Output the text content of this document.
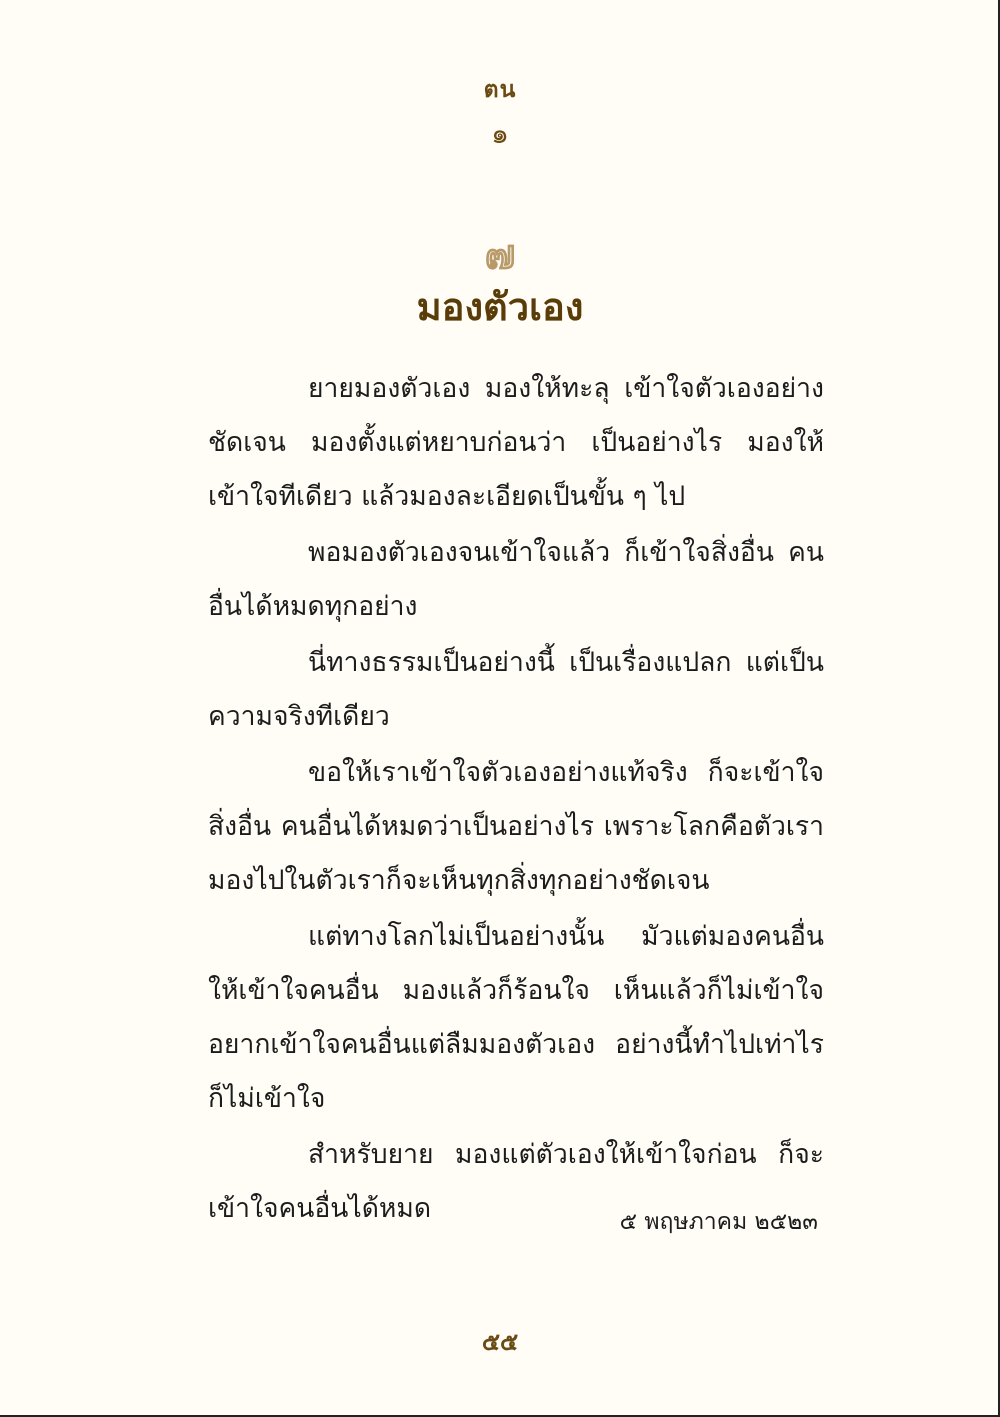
ตน
๑
๗
มองตัวเอง

ยายมองตัวเอง มองให้ทะลุ เข้าใจตัวเองอย่างชัดเจน มองตั้งแต่หยาบก่อนว่า เป็นอย่างไร มองให้เข้าใจทีเดียว แล้วมองละเอียดเป็นขั้น ๆ ไป

พอมองตัวเองจนเข้าใจแล้ว ก็เข้าใจสิ่งอื่น คนอื่นได้หมดทุกอย่าง

นี่ทางธรรมเป็นอย่างนี้ เป็นเรื่องแปลก แต่เป็นความจริงทีเดียว

ขอให้เราเข้าใจตัวเองอย่างแท้จริง ก็จะเข้าใจสิ่งอื่น คนอื่นได้หมดว่าเป็นอย่างไร เพราะโลกคือตัวเรามองไปในตัวเราก็จะเห็นทุกสิ่งทุกอย่างชัดเจน

แต่ทางโลกไม่เป็นอย่างนั้น มัวแต่มองคนอื่น ให้เข้าใจคนอื่น มองแล้วก็ร้อนใจ เห็นแล้วก็ไม่เข้าใจ อยากเข้าใจคนอื่นแต่ลืมมองตัวเอง อย่างนี้ทำไปเท่าไรก็ไม่เข้าใจ

สำหรับยาย มองแต่ตัวเองให้เข้าใจก่อน ก็จะเข้าใจคนอื่นได้หมด	๕ พฤษภาคม ๒๕๒๓
๕๕
